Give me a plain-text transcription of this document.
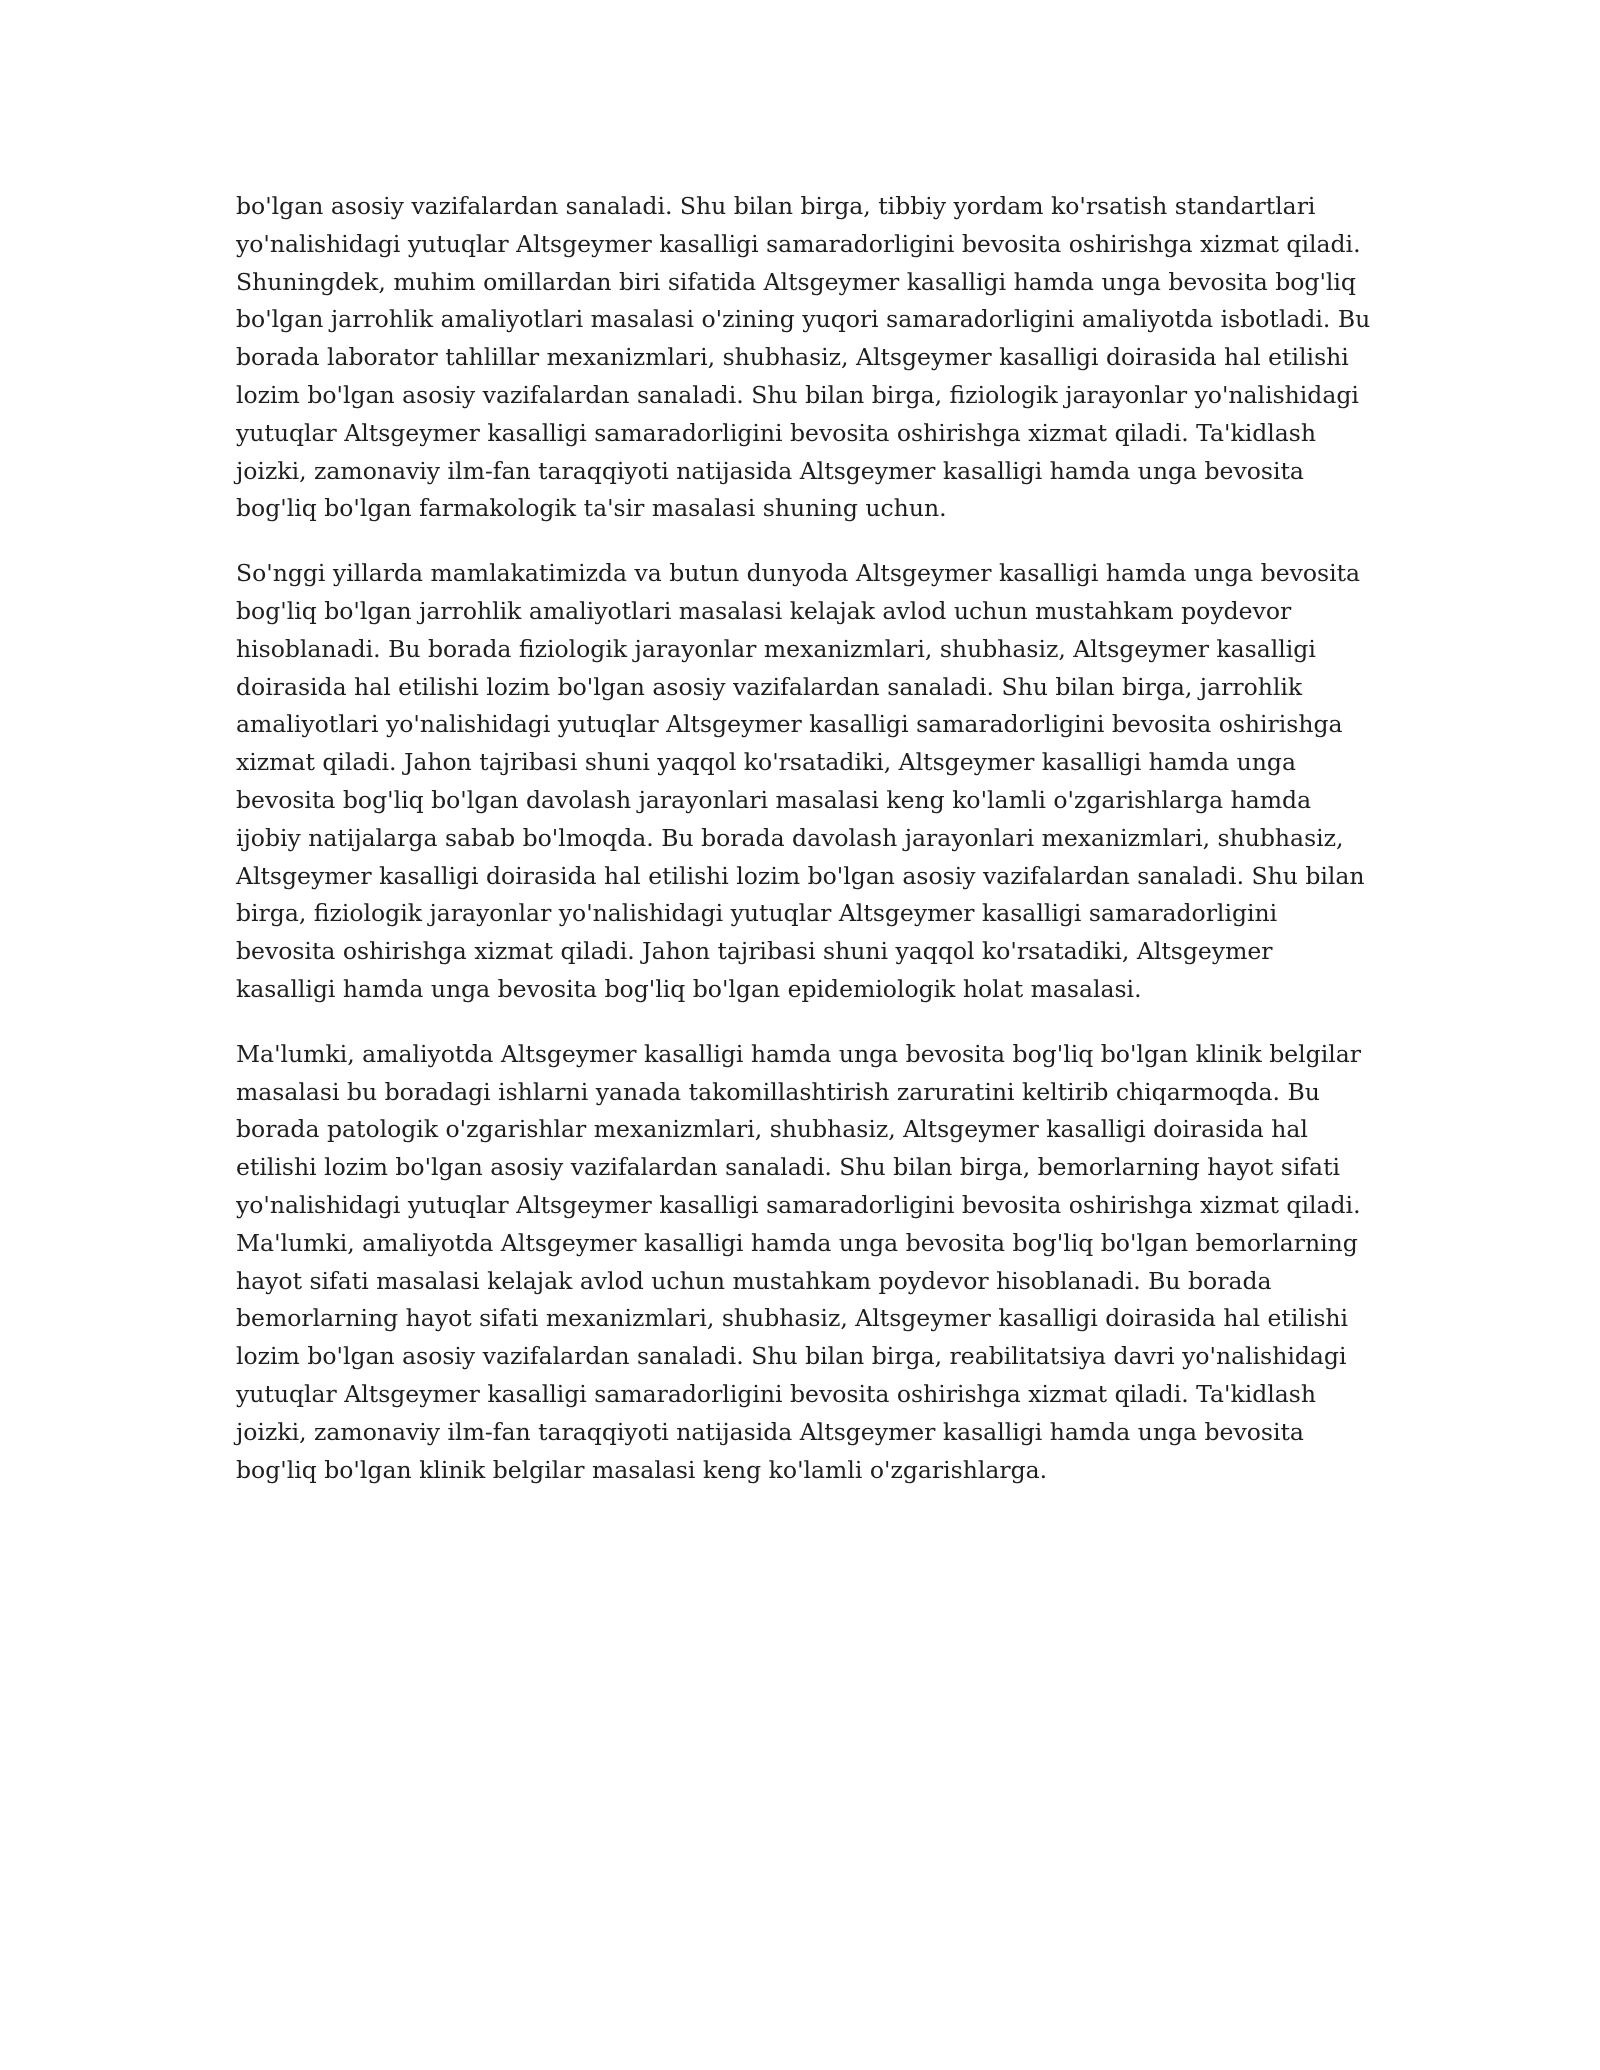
bo'lgan asosiy vazifalardan sanaladi. Shu bilan birga, tibbiy yordam ko'rsatish standartlari yo'nalishidagi yutuqlar Altsgeymer kasalligi samaradorligini bevosita oshirishga xizmat qiladi. Shuningdek, muhim omillardan biri sifatida Altsgeymer kasalligi hamda unga bevosita bog'liq bo'lgan jarrohlik amaliyotlari masalasi o'zining yuqori samaradorligini amaliyotda isbotladi. Bu borada laborator tahlillar mexanizmlari, shubhasiz, Altsgeymer kasalligi doirasida hal etilishi lozim bo'lgan asosiy vazifalardan sanaladi. Shu bilan birga, fiziologik jarayonlar yo'nalishidagi yutuqlar Altsgeymer kasalligi samaradorligini bevosita oshirishga xizmat qiladi. Ta'kidlash joizki, zamonaviy ilm-fan taraqqiyoti natijasida Altsgeymer kasalligi hamda unga bevosita bog'liq bo'lgan farmakologik ta'sir masalasi shuning uchun.

So'nggi yillarda mamlakatimizda va butun dunyoda Altsgeymer kasalligi hamda unga bevosita bog'liq bo'lgan jarrohlik amaliyotlari masalasi kelajak avlod uchun mustahkam poydevor hisoblanadi. Bu borada fiziologik jarayonlar mexanizmlari, shubhasiz, Altsgeymer kasalligi doirasida hal etilishi lozim bo'lgan asosiy vazifalardan sanaladi. Shu bilan birga, jarrohlik amaliyotlari yo'nalishidagi yutuqlar Altsgeymer kasalligi samaradorligini bevosita oshirishga xizmat qiladi. Jahon tajribasi shuni yaqqol ko'rsatadiki, Altsgeymer kasalligi hamda unga bevosita bog'liq bo'lgan davolash jarayonlari masalasi keng ko'lamli o'zgarishlarga hamda ijobiy natijalarga sabab bo'lmoqda. Bu borada davolash jarayonlari mexanizmlari, shubhasiz, Altsgeymer kasalligi doirasida hal etilishi lozim bo'lgan asosiy vazifalardan sanaladi. Shu bilan birga, fiziologik jarayonlar yo'nalishidagi yutuqlar Altsgeymer kasalligi samaradorligini bevosita oshirishga xizmat qiladi. Jahon tajribasi shuni yaqqol ko'rsatadiki, Altsgeymer kasalligi hamda unga bevosita bog'liq bo'lgan epidemiologik holat masalasi.

Ma'lumki, amaliyotda Altsgeymer kasalligi hamda unga bevosita bog'liq bo'lgan klinik belgilar masalasi bu boradagi ishlarni yanada takomillashtirish zaruratini keltirib chiqarmoqda. Bu borada patologik o'zgarishlar mexanizmlari, shubhasiz, Altsgeymer kasalligi doirasida hal etilishi lozim bo'lgan asosiy vazifalardan sanaladi. Shu bilan birga, bemorlarning hayot sifati yo'nalishidagi yutuqlar Altsgeymer kasalligi samaradorligini bevosita oshirishga xizmat qiladi. Ma'lumki, amaliyotda Altsgeymer kasalligi hamda unga bevosita bog'liq bo'lgan bemorlarning hayot sifati masalasi kelajak avlod uchun mustahkam poydevor hisoblanadi. Bu borada bemorlarning hayot sifati mexanizmlari, shubhasiz, Altsgeymer kasalligi doirasida hal etilishi lozim bo'lgan asosiy vazifalardan sanaladi. Shu bilan birga, reabilitatsiya davri yo'nalishidagi yutuqlar Altsgeymer kasalligi samaradorligini bevosita oshirishga xizmat qiladi. Ta'kidlash joizki, zamonaviy ilm-fan taraqqiyoti natijasida Altsgeymer kasalligi hamda unga bevosita bog'liq bo'lgan klinik belgilar masalasi keng ko'lamli o'zgarishlarga.
